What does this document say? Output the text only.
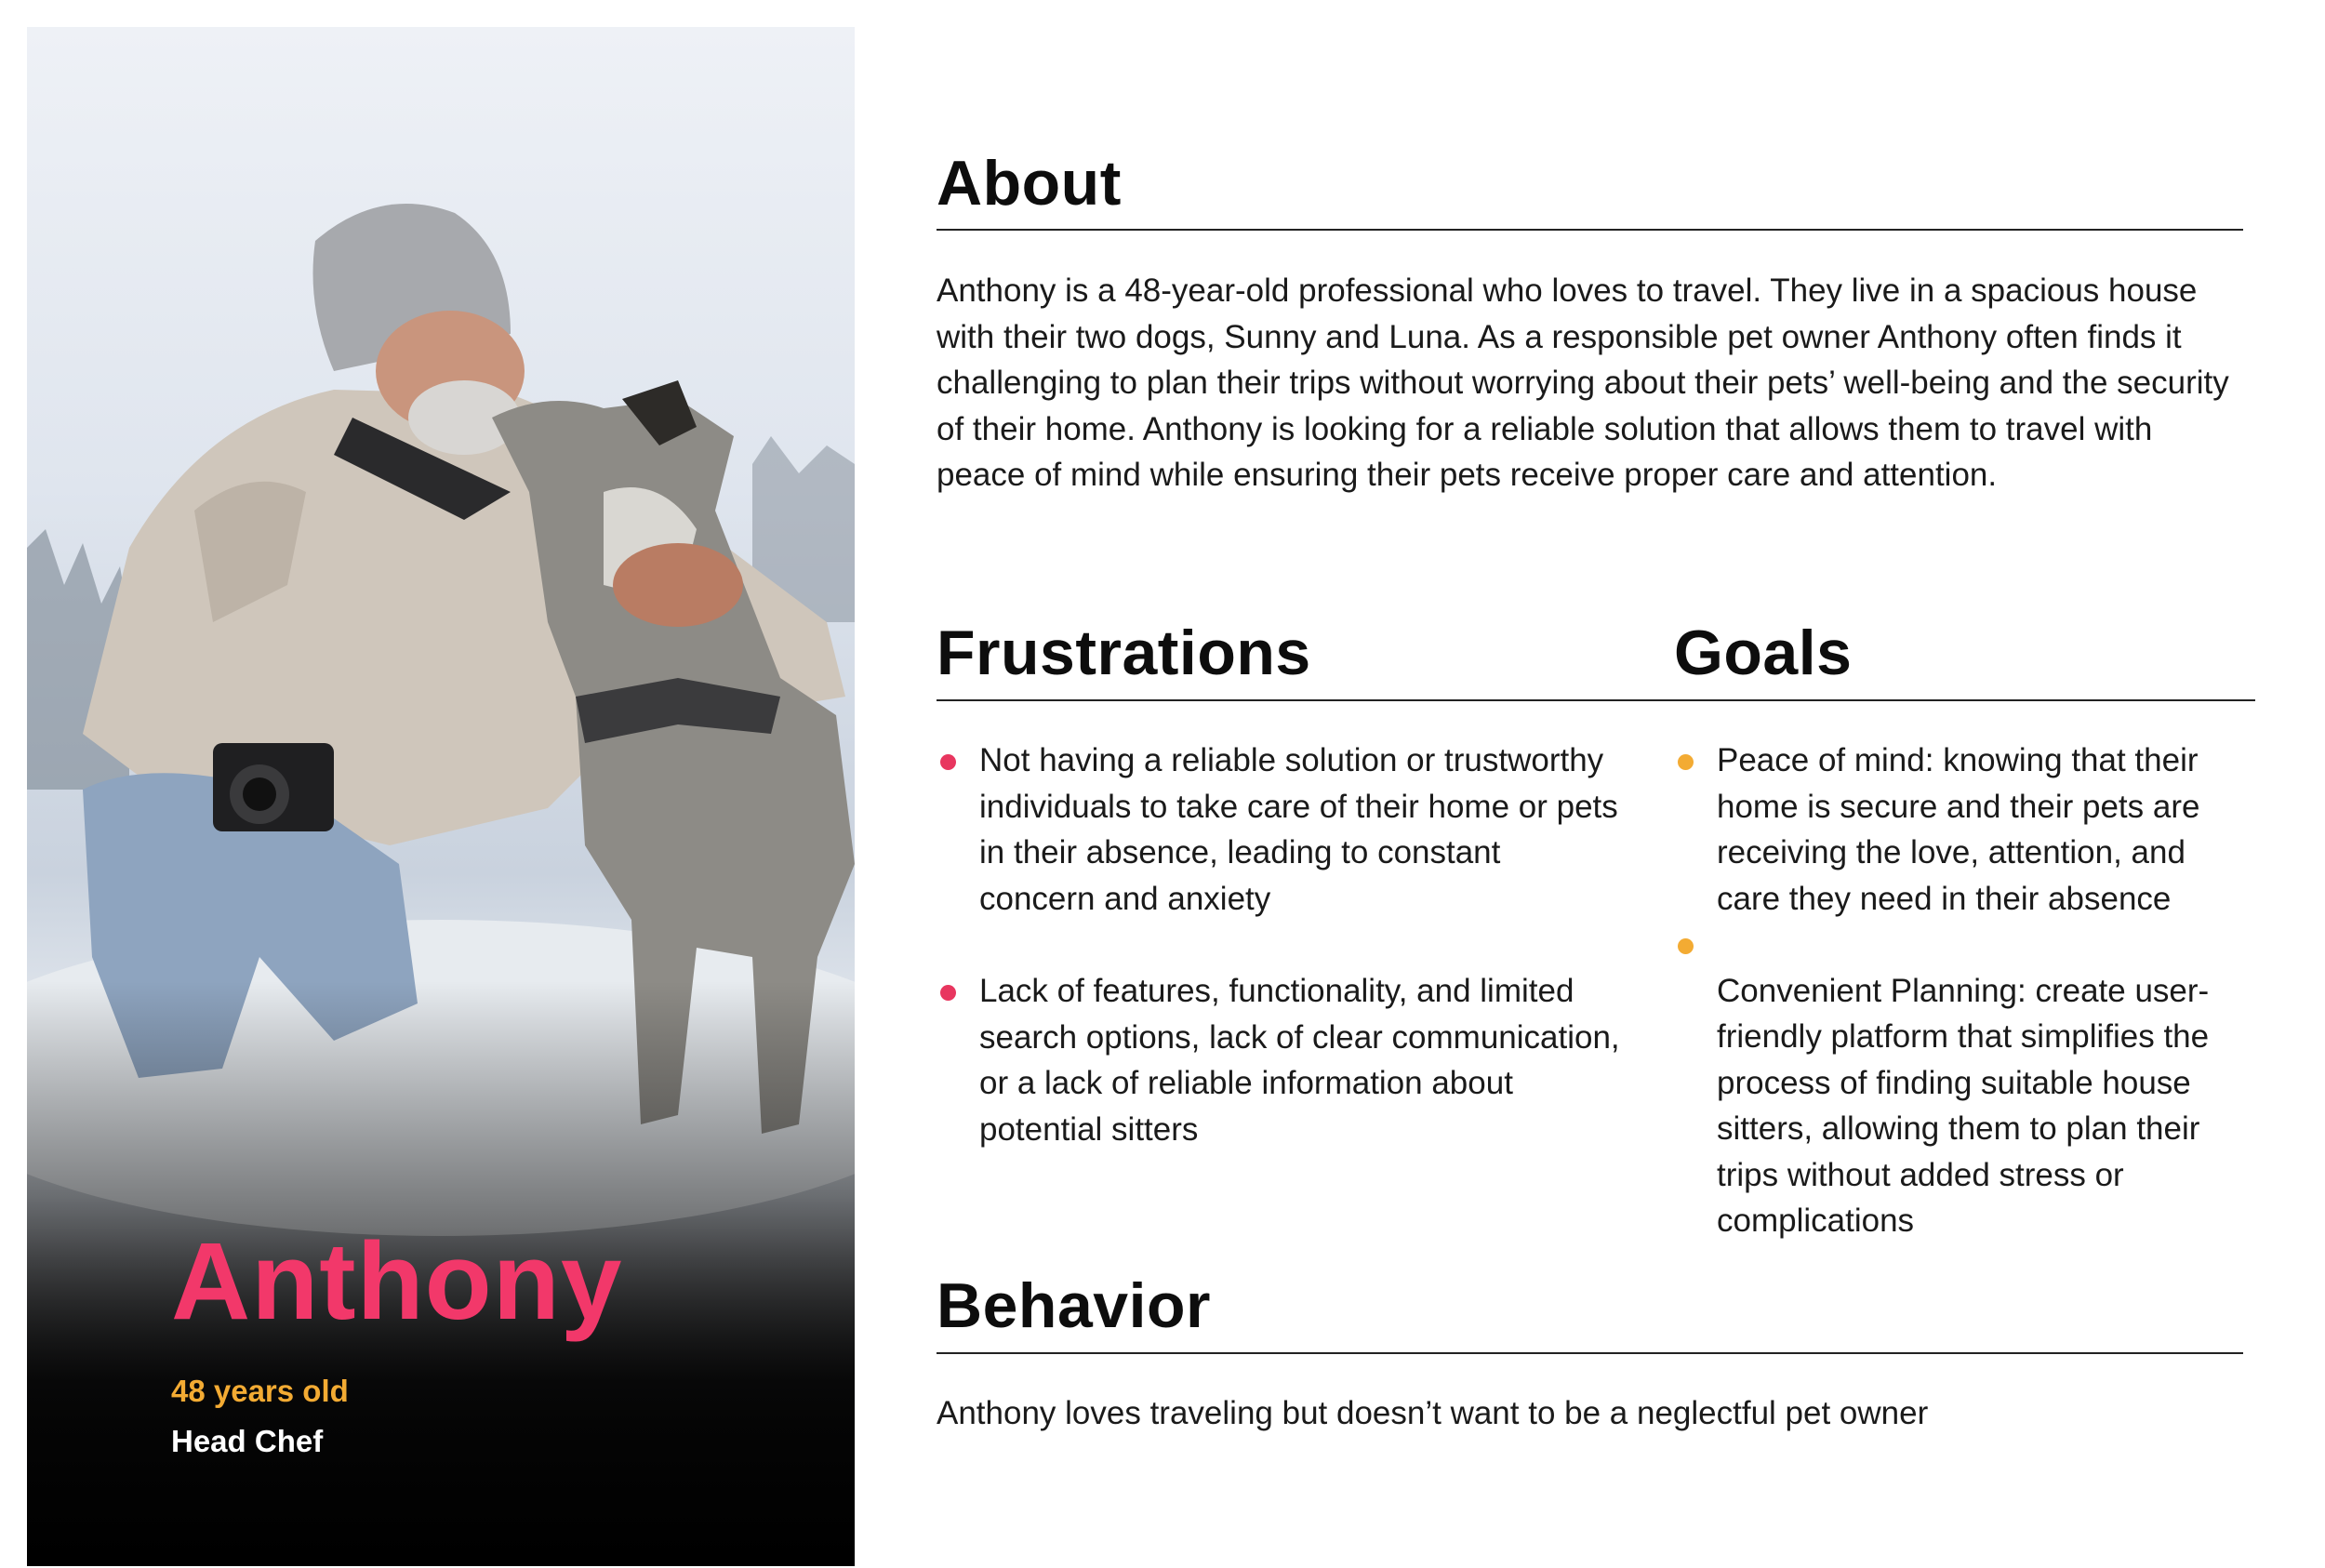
Anthony
48 years old
Head Chef
About
Anthony is a 48-year-old professional who loves to travel. They live in a spacious house with their two dogs, Sunny and Luna. As a responsible pet owner Anthony often finds it challenging to plan their trips without worrying about their pets’ well-being and the security of their home. Anthony is looking for a reliable solution that allows them to travel with peace of mind while ensuring their pets receive proper care and attention.
Frustrations
Not having a reliable solution or trustworthy individuals to take care of their home or pets in their absence, leading to constant concern and anxiety
Lack of features, functionality, and limited search options, lack of clear communication, or a lack of reliable information about potential sitters
Goals
Peace of mind: knowing that their home is secure and their pets are receiving the love, attention, and care they need in their absence
Convenient Planning: create user-friendly platform that simplifies the process of finding suitable house sitters, allowing them to plan their trips without added stress or complications
Behavior
Anthony loves traveling but doesn’t want to be a neglectful pet owner
